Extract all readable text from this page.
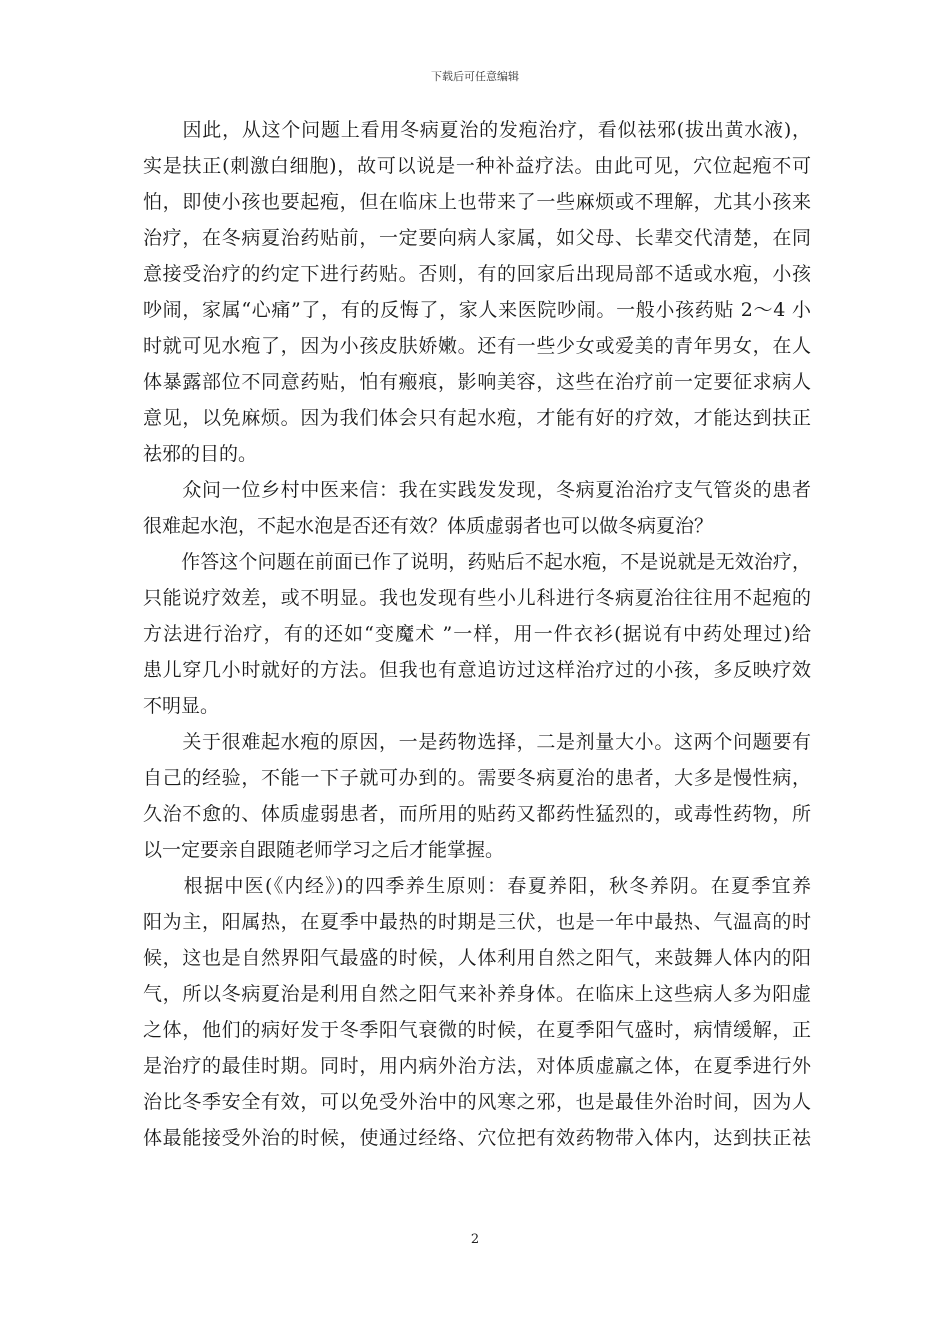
下载后可任意编辑
　　因此，从这个问题上看用冬病夏治的发疱治疗，看似祛邪(拔出黄水液)，
实是扶正(刺激白细胞)，故可以说是一种补益疗法。由此可见，穴位起疱不可
怕，即使小孩也要起疱，但在临床上也带来了一些麻烦或不理解，尤其小孩来
治疗，在冬病夏治药贴前，一定要向病人家属，如父母、长辈交代清楚，在同
意接受治疗的约定下进行药贴。否则，有的回家后出现局部不适或水疱，小孩
吵闹，家属“心痛”了，有的反悔了，家人来医院吵闹。一般小孩药贴 2～4 小
时就可见水疱了，因为小孩皮肤娇嫩。还有一些少女或爱美的青年男女，在人
体暴露部位不同意药贴，怕有瘢痕，影响美容，这些在治疗前一定要征求病人
意见，以免麻烦。因为我们体会只有起水疱，才能有好的疗效，才能达到扶正
祛邪的目的。
　　众问一位乡村中医来信：我在实践发发现，冬病夏治治疗支气管炎的患者
很难起水泡，不起水泡是否还有效？体质虚弱者也可以做冬病夏治？
　　作答这个问题在前面已作了说明，药贴后不起水疱，不是说就是无效治疗，
只能说疗效差，或不明显。我也发现有些小儿科进行冬病夏治往往用不起疱的
方法进行治疗，有的还如“变魔术 ”一样，用一件衣衫(据说有中药处理过)给
患儿穿几小时就好的方法。但我也有意追访过这样治疗过的小孩，多反映疗效
不明显。
　　关于很难起水疱的原因，一是药物选择，二是剂量大小。这两个问题要有
自己的经验，不能一下子就可办到的。需要冬病夏治的患者，大多是慢性病，
久治不愈的、体质虚弱患者，而所用的贴药又都药性猛烈的，或毒性药物，所
以一定要亲自跟随老师学习之后才能掌握。
　　根据中医(《内经》)的四季养生原则：春夏养阳，秋冬养阴。在夏季宜养
阳为主，阳属热，在夏季中最热的时期是三伏，也是一年中最热、气温高的时
候，这也是自然界阳气最盛的时候，人体利用自然之阳气，来鼓舞人体内的阳
气，所以冬病夏治是利用自然之阳气来补养身体。在临床上这些病人多为阳虚
之体，他们的病好发于冬季阳气衰微的时候，在夏季阳气盛时，病情缓解，正
是治疗的最佳时期。同时，用内病外治方法，对体质虚羸之体，在夏季进行外
治比冬季安全有效，可以免受外治中的风寒之邪，也是最佳外治时间，因为人
体最能接受外治的时候，使通过经络、穴位把有效药物带入体内，达到扶正祛
2
